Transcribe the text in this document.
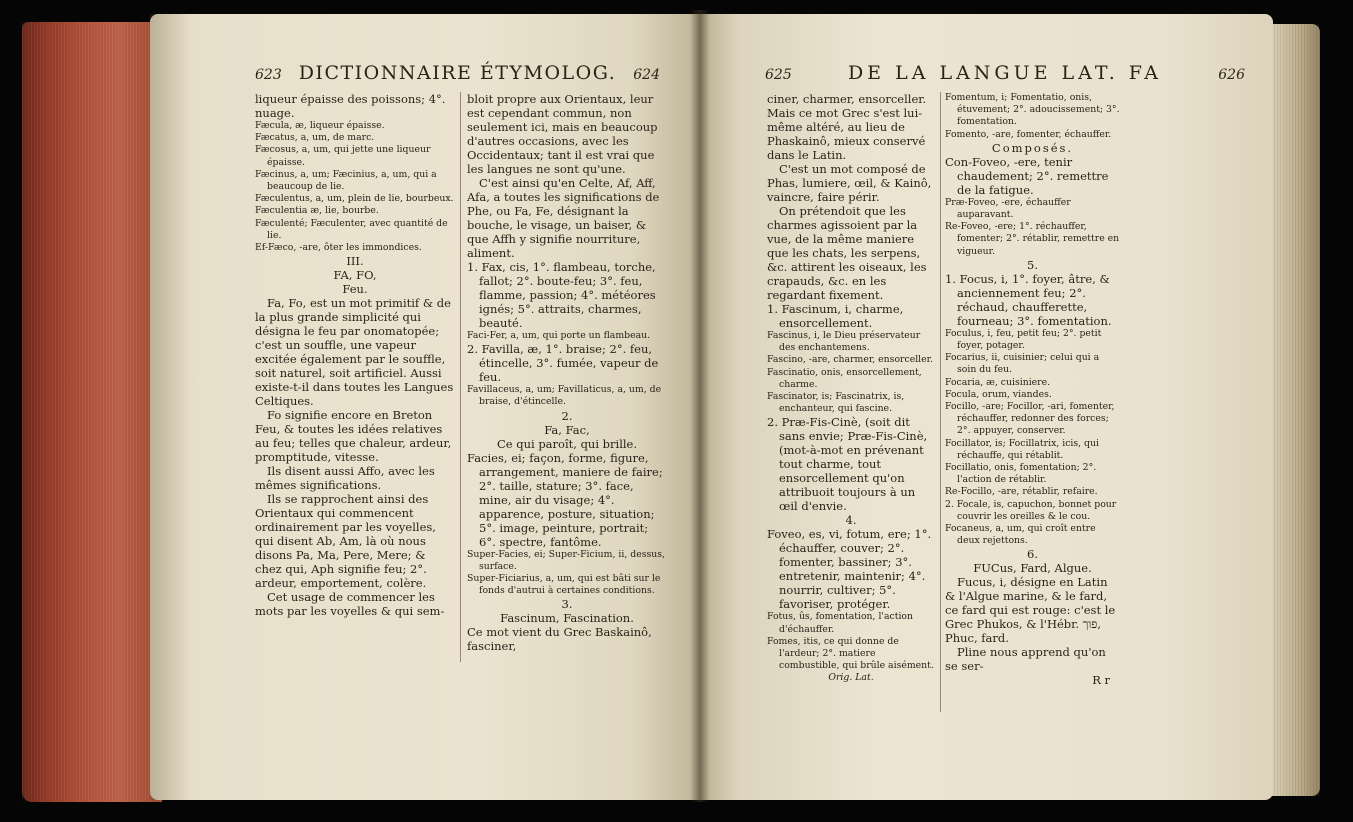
623 DICTIONNAIRE ÉTYMOLOG. 624	625	DE LA LANGUE LAT. FA	626

liqueur épaisse des poissons; 4°. nuage.

Fæcula, æ, liqueur épaisse.

Fæcatus, a, um, de marc.

Fæcosus, a, um, qui jette une liqueur épaisse.

Fæcinus, a, um; Fæcinius, a, um, qui a beaucoup de lie.

Fæculentus, a, um, plein de lie, bourbeux.

Fæculentia æ, lie, bourbe.

Fæculenté; Fæculenter, avec quantité de lie.

Ef-Fæco, -are, ôter les immondices.

III.

FA, FO,

Feu.

Fa, Fo, est un mot primitif & de la plus grande simplicité qui désigna le feu par onomatopée; c'est un souffle, une vapeur excitée également par le souffle, soit naturel, soit artificiel. Aussi existe-t-il dans toutes les Langues Celtiques.

Fo signifie encore en Breton Feu, & toutes les idées relatives au feu; telles que chaleur, ardeur, promptitude, vitesse.

Ils disent aussi Affo, avec les mêmes significations.

Ils se rapprochent ainsi des Orientaux qui commencent ordinairement par les voyelles, qui disent Ab, Am, là où nous disons Pa, Ma, Pere, Mere; & chez qui, Aph signifie feu; 2°. ardeur, emportement, colère.

Cet usage de commencer les mots par les voyelles & qui sem-

bloit propre aux Orientaux, leur est cependant commun, non seulement ici, mais en beaucoup d'autres occasions, avec les Occidentaux; tant il est vrai que les langues ne sont qu'une.

C'est ainsi qu'en Celte, Af, Aff, Afa, a toutes les significations de Phe, ou Fa, Fe, désignant la bouche, le visage, un baiser, & que Affh y signifie nourriture, aliment.

1. Fax, cis, 1°. flambeau, torche, fallot; 2°. boute-feu; 3°. feu, flamme, passion; 4°. météores ignés; 5°. attraits, charmes, beauté.

Faci-Fer, a, um, qui porte un flambeau.

2. Favilla, æ, 1°. braise; 2°. feu, étincelle, 3°. fumée, vapeur de feu.

Favillaceus, a, um; Favillaticus, a, um, de braise, d'étincelle.

2.

Fa, Fac,

Ce qui paroît, qui brille.

Facies, ei; façon, forme, figure, arrangement, maniere de faire; 2°. taille, stature; 3°. face, mine, air du visage; 4°. apparence, posture, situation; 5°. image, peinture, portrait; 6°. spectre, fantôme.

Super-Facies, ei; Super-Ficium, ii, dessus, surface.

Super-Ficiarius, a, um, qui est bâti sur le fonds d'autrui à certaines conditions.

3.

Fascinum, Fascination.

Ce mot vient du Grec Baskainô, fasciner,

ciner, charmer, ensorceller. Mais ce mot Grec s'est lui-même altéré, au lieu de Phaskainô, mieux conservé dans le Latin.

C'est un mot composé de Phas, lumiere, œil, & Kainô, vaincre, faire périr.

On prétendoit que les charmes agissoient par la vue, de la même maniere que les chats, les serpens, &c. attirent les oiseaux, les crapauds, &c. en les regardant fixement.

1. Fascinum, i, charme, ensorcellement.

Fascinus, i, le Dieu préservateur des enchantemens.

Fascino, -are, charmer, ensorceller.

Fascinatio, onis, ensorcellement, charme.

Fascinator, is; Fascinatrix, is, enchanteur, qui fascine.

2. Præ-Fis-Cinè, (soit dit sans envie; Præ-Fis-Cinè, (mot-à-mot en prévenant tout charme, tout ensorcellement qu'on attribuoit toujours à un œil d'envie.

4.

Foveo, es, vi, fotum, ere; 1°. échauffer, couver; 2°. fomenter, bassiner; 3°. entretenir, maintenir; 4°. nourrir, cultiver; 5°. favoriser, protéger.

Fotus, ûs, fomentation, l'action d'échauffer.

Fomes, itis, ce qui donne de l'ardeur; 2°. matiere combustible, qui brûle aisément.

Orig. Lat.

Fomentum, i; Fomentatio, onis, étuvement; 2°. adoucissement; 3°. fomentation.

Fomento, -are, fomenter, échauffer.

Composés.

Con-Foveo, -ere, tenir chaudement; 2°. remettre de la fatigue.

Præ-Foveo, -ere, échauffer auparavant.

Re-Foveo, -ere; 1°. réchauffer, fomenter; 2°. rétablir, remettre en vigueur.

5.

1. Focus, i, 1°. foyer, âtre, & anciennement feu; 2°. réchaud, chaufferette, fourneau; 3°. fomentation.

Foculus, i, feu, petit feu; 2°. petit foyer, potager.

Focarius, ii, cuisinier; celui qui a soin du feu.

Focaria, æ, cuisiniere.

Focula, orum, viandes.

Focillo, -are; Focillor, -ari, fomenter, réchauffer, redonner des forces; 2°. appuyer, conserver.

Focillator, is; Focillatrix, icis, qui réchauffe, qui rétablit.

Focillatio, onis, fomentation; 2°. l'action de rétablir.

Re-Focillo, -are, rétablir, refaire.

2. Focale, is, capuchon, bonnet pour couvrir les oreilles & le cou.

Focaneus, a, um, qui croît entre deux rejettons.

6.

FUCus, Fard, Algue.

Fucus, i, désigne en Latin & l'Algue marine, & le fard, ce fard qui est rouge: c'est le Grec Phukos, & l'Hébr. פוך, Phuc, fard.

Pline nous apprend qu'on se ser-

R r
